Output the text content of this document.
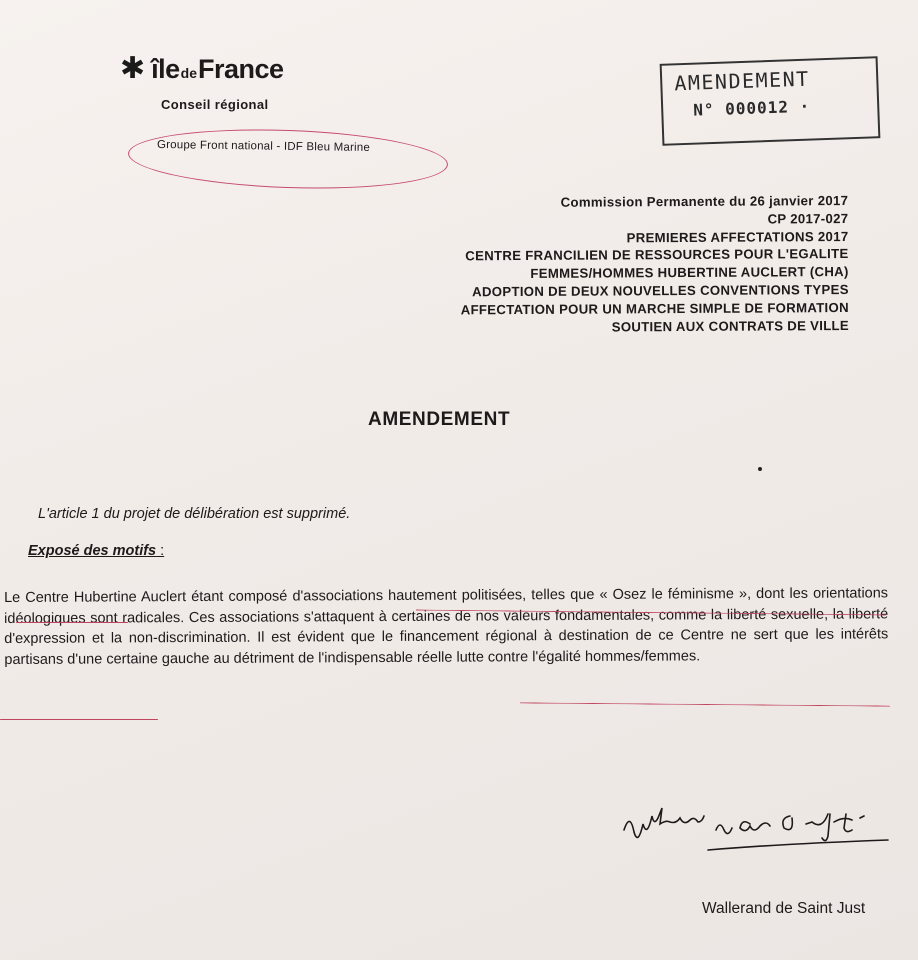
✱ île de France
Conseil régional
Groupe Front national - IDF Bleu Marine
AMENDEMENT
N° 000012 ·
Commission Permanente du 26 janvier 2017
CP 2017-027
PREMIERES AFFECTATIONS 2017
CENTRE FRANCILIEN DE RESSOURCES POUR L'EGALITE
FEMMES/HOMMES HUBERTINE AUCLERT (CHA)
ADOPTION DE DEUX NOUVELLES CONVENTIONS TYPES
AFFECTATION POUR UN MARCHE SIMPLE DE FORMATION
SOUTIEN AUX CONTRATS DE VILLE
AMENDEMENT
L'article 1 du projet de délibération est supprimé.
Exposé des motifs :
Le Centre Hubertine Auclert étant composé d'associations hautement politisées, telles que « Osez le féminisme », dont les orientations idéologiques sont radicales. Ces associations s'attaquent à certaines de nos valeurs fondamentales, comme la liberté sexuelle, la liberté d'expression et la non-discrimination. Il est évident que le financement régional à destination de ce Centre ne sert que les intérêts partisans d'une certaine gauche au détriment de l'indispensable réelle lutte contre l'égalité hommes/femmes.
Wallerand de Saint Just
